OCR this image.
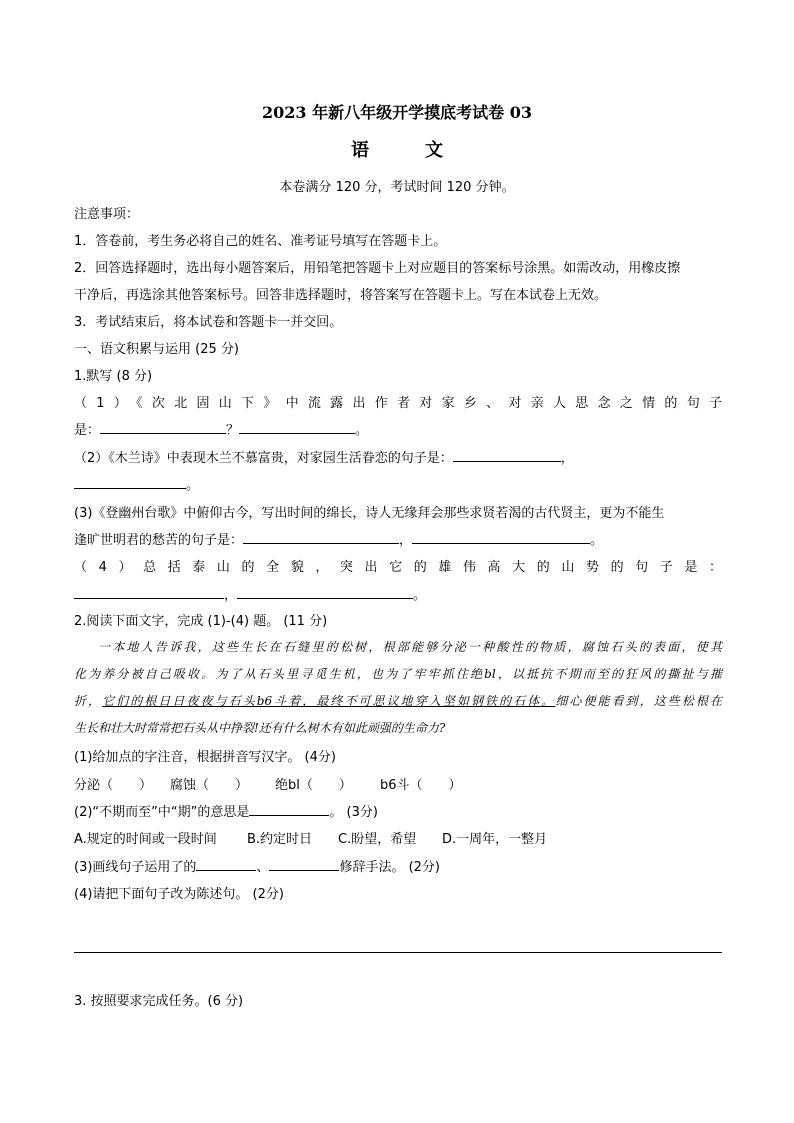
2023 年新八年级开学摸底考试卷 03
语文
本卷满分 120 分，考试时间 120 分钟。
注意事项：
1．答卷前，考生务必将自己的姓名、准考证号填写在答题卡上。
2．回答选择题时，选出每小题答案后，用铅笔把答题卡上对应题目的答案标号涂黑。如需改动，用橡皮擦
干净后，再选涂其他答案标号。回答非选择题时，将答案写在答题卡上。写在本试卷上无效。
3．考试结束后，将本试卷和答题卡一并交回。
一、语文积累与运用 (25 分)
1.默写 (8 分)
（1）《次北固山下》中流露出作者对家乡、对亲人思念之情的句子
是：	？	。
（2）《木兰诗》中表现木兰不慕富贵，对家园生活眷恋的句子是：	，
。
(3)《登幽州台歌》中俯仰古今，写出时间的绵长，诗人无缘拜会那些求贤若渴的古代贤主，更为不能生
逢旷世明君的愁苦的句子是：	，	。
（4）总括泰山的全貌，突出它的雄伟高大的山势的句子是：
，	。
2.阅读下面文字，完成 (1)-(4) 题。 (11 分)
一本地人告诉我，这些生长在石缝里的松树，根部能够分泌一种酸性的物质，腐蚀石头的表面，使其
化为养分被自己吸收。为了从石头里寻觅生机，也为了牢牢抓住绝bl，以抵抗不期而至的狂风的撕扯与摧
折，它们的根日日夜夜与石头b6斗着，最终不可思议地穿入坚如钢铁的石体。细心便能看到，这些松根在
生长和壮大时常常把石头从中挣裂!还有什么树木有如此顽强的生命力?
(1)给加点的字注音，根据拼音写汉字。 (4分)
分泌（　　） 腐蚀（　　） 绝bl（　　） b6斗（　　）
(2)“不期而至”中“期”的意思是	。 (3分)
A.规定的时间或一段时间 B.约定时日 C.盼望，希望 D.一周年，一整月
(3)画线句子运用了的	、	修辞手法。 (2分)
(4)请把下面句子改为陈述句。 (2分)
3. 按照要求完成任务。(6 分)
